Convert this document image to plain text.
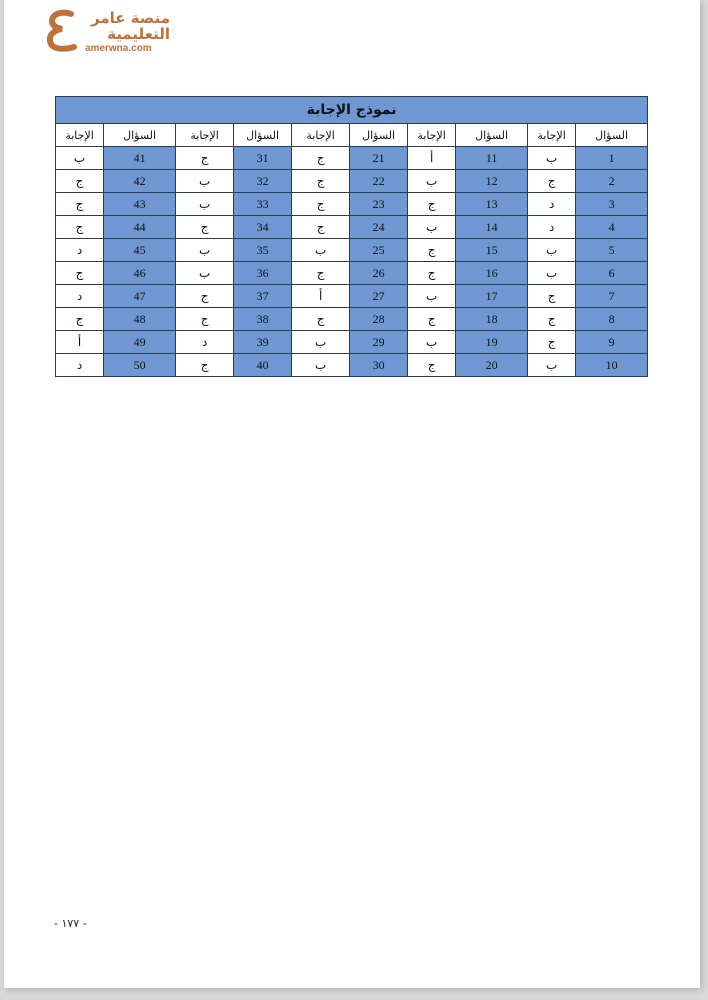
منصة عامر
التعليمية
amerwna.com
نموذج الإجابة									
السؤال	الإجابة	السؤال	الإجابة	السؤال	الإجابة	السؤال	الإجابة	السؤال	الإجابة
1	ب	11	أ	21	ج	31	ج	41	ب
2	ج	12	ب	22	ج	32	ب	42	ج
3	د	13	ج	23	ج	33	ب	43	ج
4	د	14	ب	24	ج	34	ج	44	ج
5	ب	15	ج	25	ب	35	ب	45	د
6	ب	16	ج	26	ج	36	ب	46	ج
7	ج	17	ب	27	أ	37	ج	47	د
8	ج	18	ج	28	ج	38	ج	48	ج
9	ج	19	ب	29	ب	39	د	49	أ
10	ب	20	ج	30	ب	40	ج	50	د
- ١٧٧ -
